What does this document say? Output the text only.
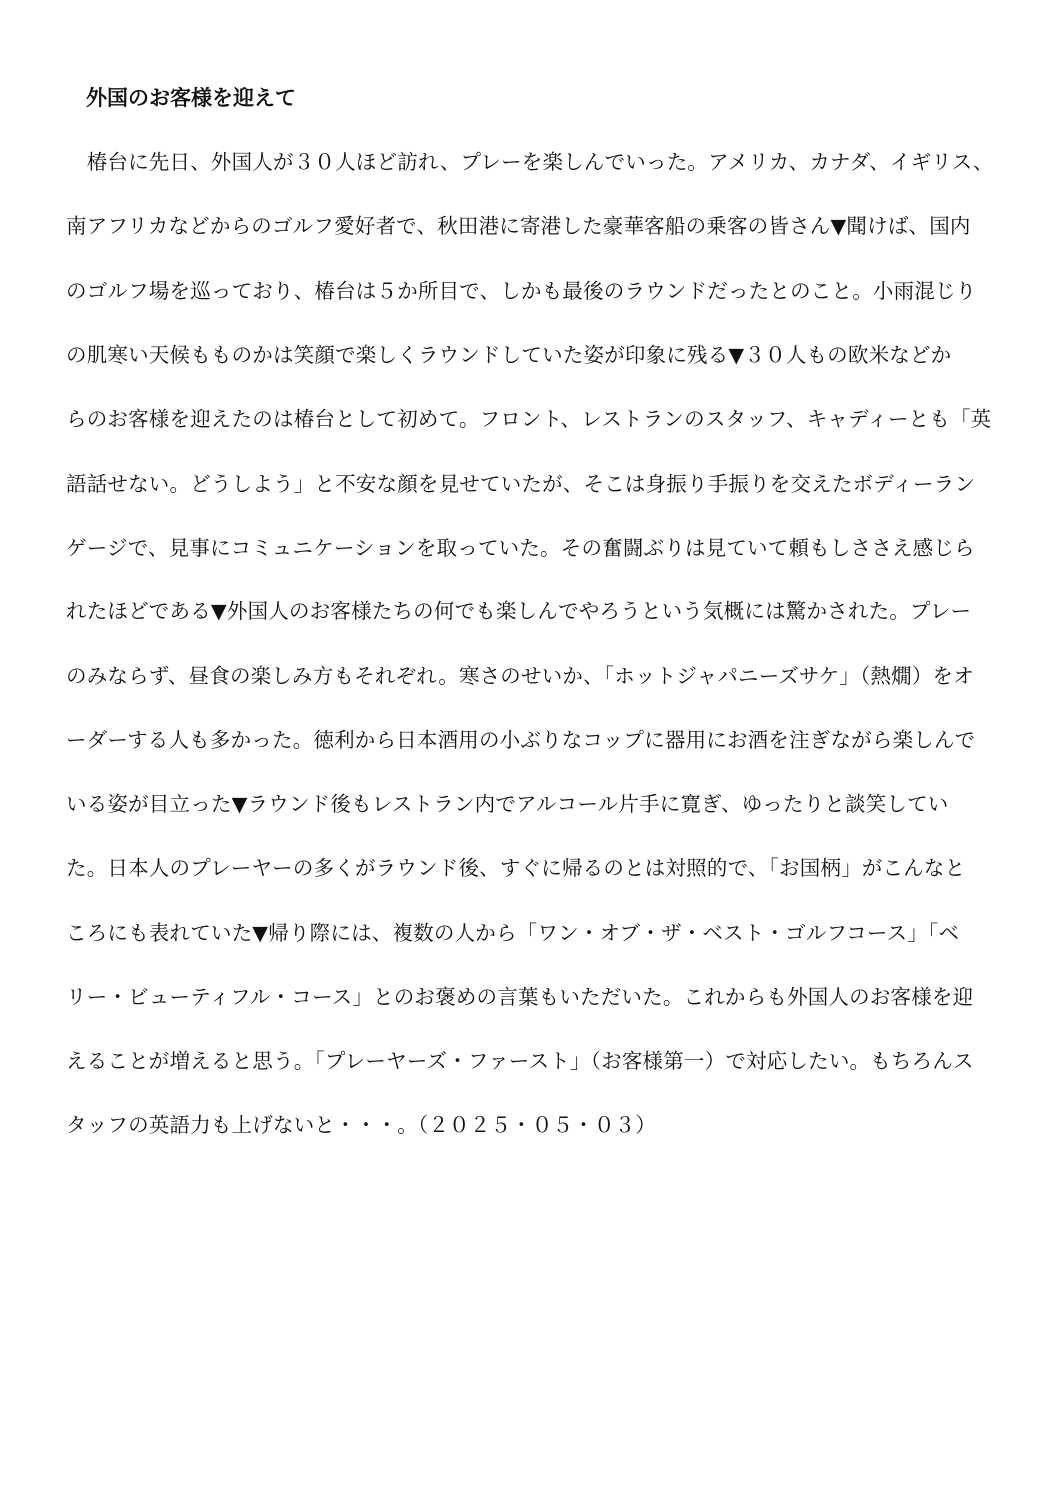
外国のお客様を迎えて
　椿台に先日、外国人が３０人ほど訪れ、プレーを楽しんでいった。アメリカ、カナダ、イギリス、
南アフリカなどからのゴルフ愛好者で、秋田港に寄港した豪華客船の乗客の皆さん▼聞けば、国内
のゴルフ場を巡っており、椿台は５か所目で、しかも最後のラウンドだったとのこと。小雨混じり
の肌寒い天候もものかは笑顔で楽しくラウンドしていた姿が印象に残る▼３０人もの欧米などか
らのお客様を迎えたのは椿台として初めて。フロント、レストランのスタッフ、キャディーとも「英
語話せない。どうしよう」と不安な顔を見せていたが、そこは身振り手振りを交えたボディーラン
ゲージで、見事にコミュニケーションを取っていた。その奮闘ぶりは見ていて頼もしささえ感じら
れたほどである▼外国人のお客様たちの何でも楽しんでやろうという気概には驚かされた。プレー
のみならず、昼食の楽しみ方もそれぞれ。寒さのせいか、「ホットジャパニーズサケ」（熱燗）をオ
ーダーする人も多かった。徳利から日本酒用の小ぶりなコップに器用にお酒を注ぎながら楽しんで
いる姿が目立った▼ラウンド後もレストラン内でアルコール片手に寛ぎ、ゆったりと談笑してい
た。日本人のプレーヤーの多くがラウンド後、すぐに帰るのとは対照的で、「お国柄」がこんなと
ころにも表れていた▼帰り際には、複数の人から「ワン・オブ・ザ・ベスト・ゴルフコース」「ベ
リー・ビューティフル・コース」とのお褒めの言葉もいただいた。これからも外国人のお客様を迎
えることが増えると思う。「プレーヤーズ・ファースト」（お客様第一）で対応したい。もちろんス
タッフの英語力も上げないと・・・。（２０２５・０５・０３）
